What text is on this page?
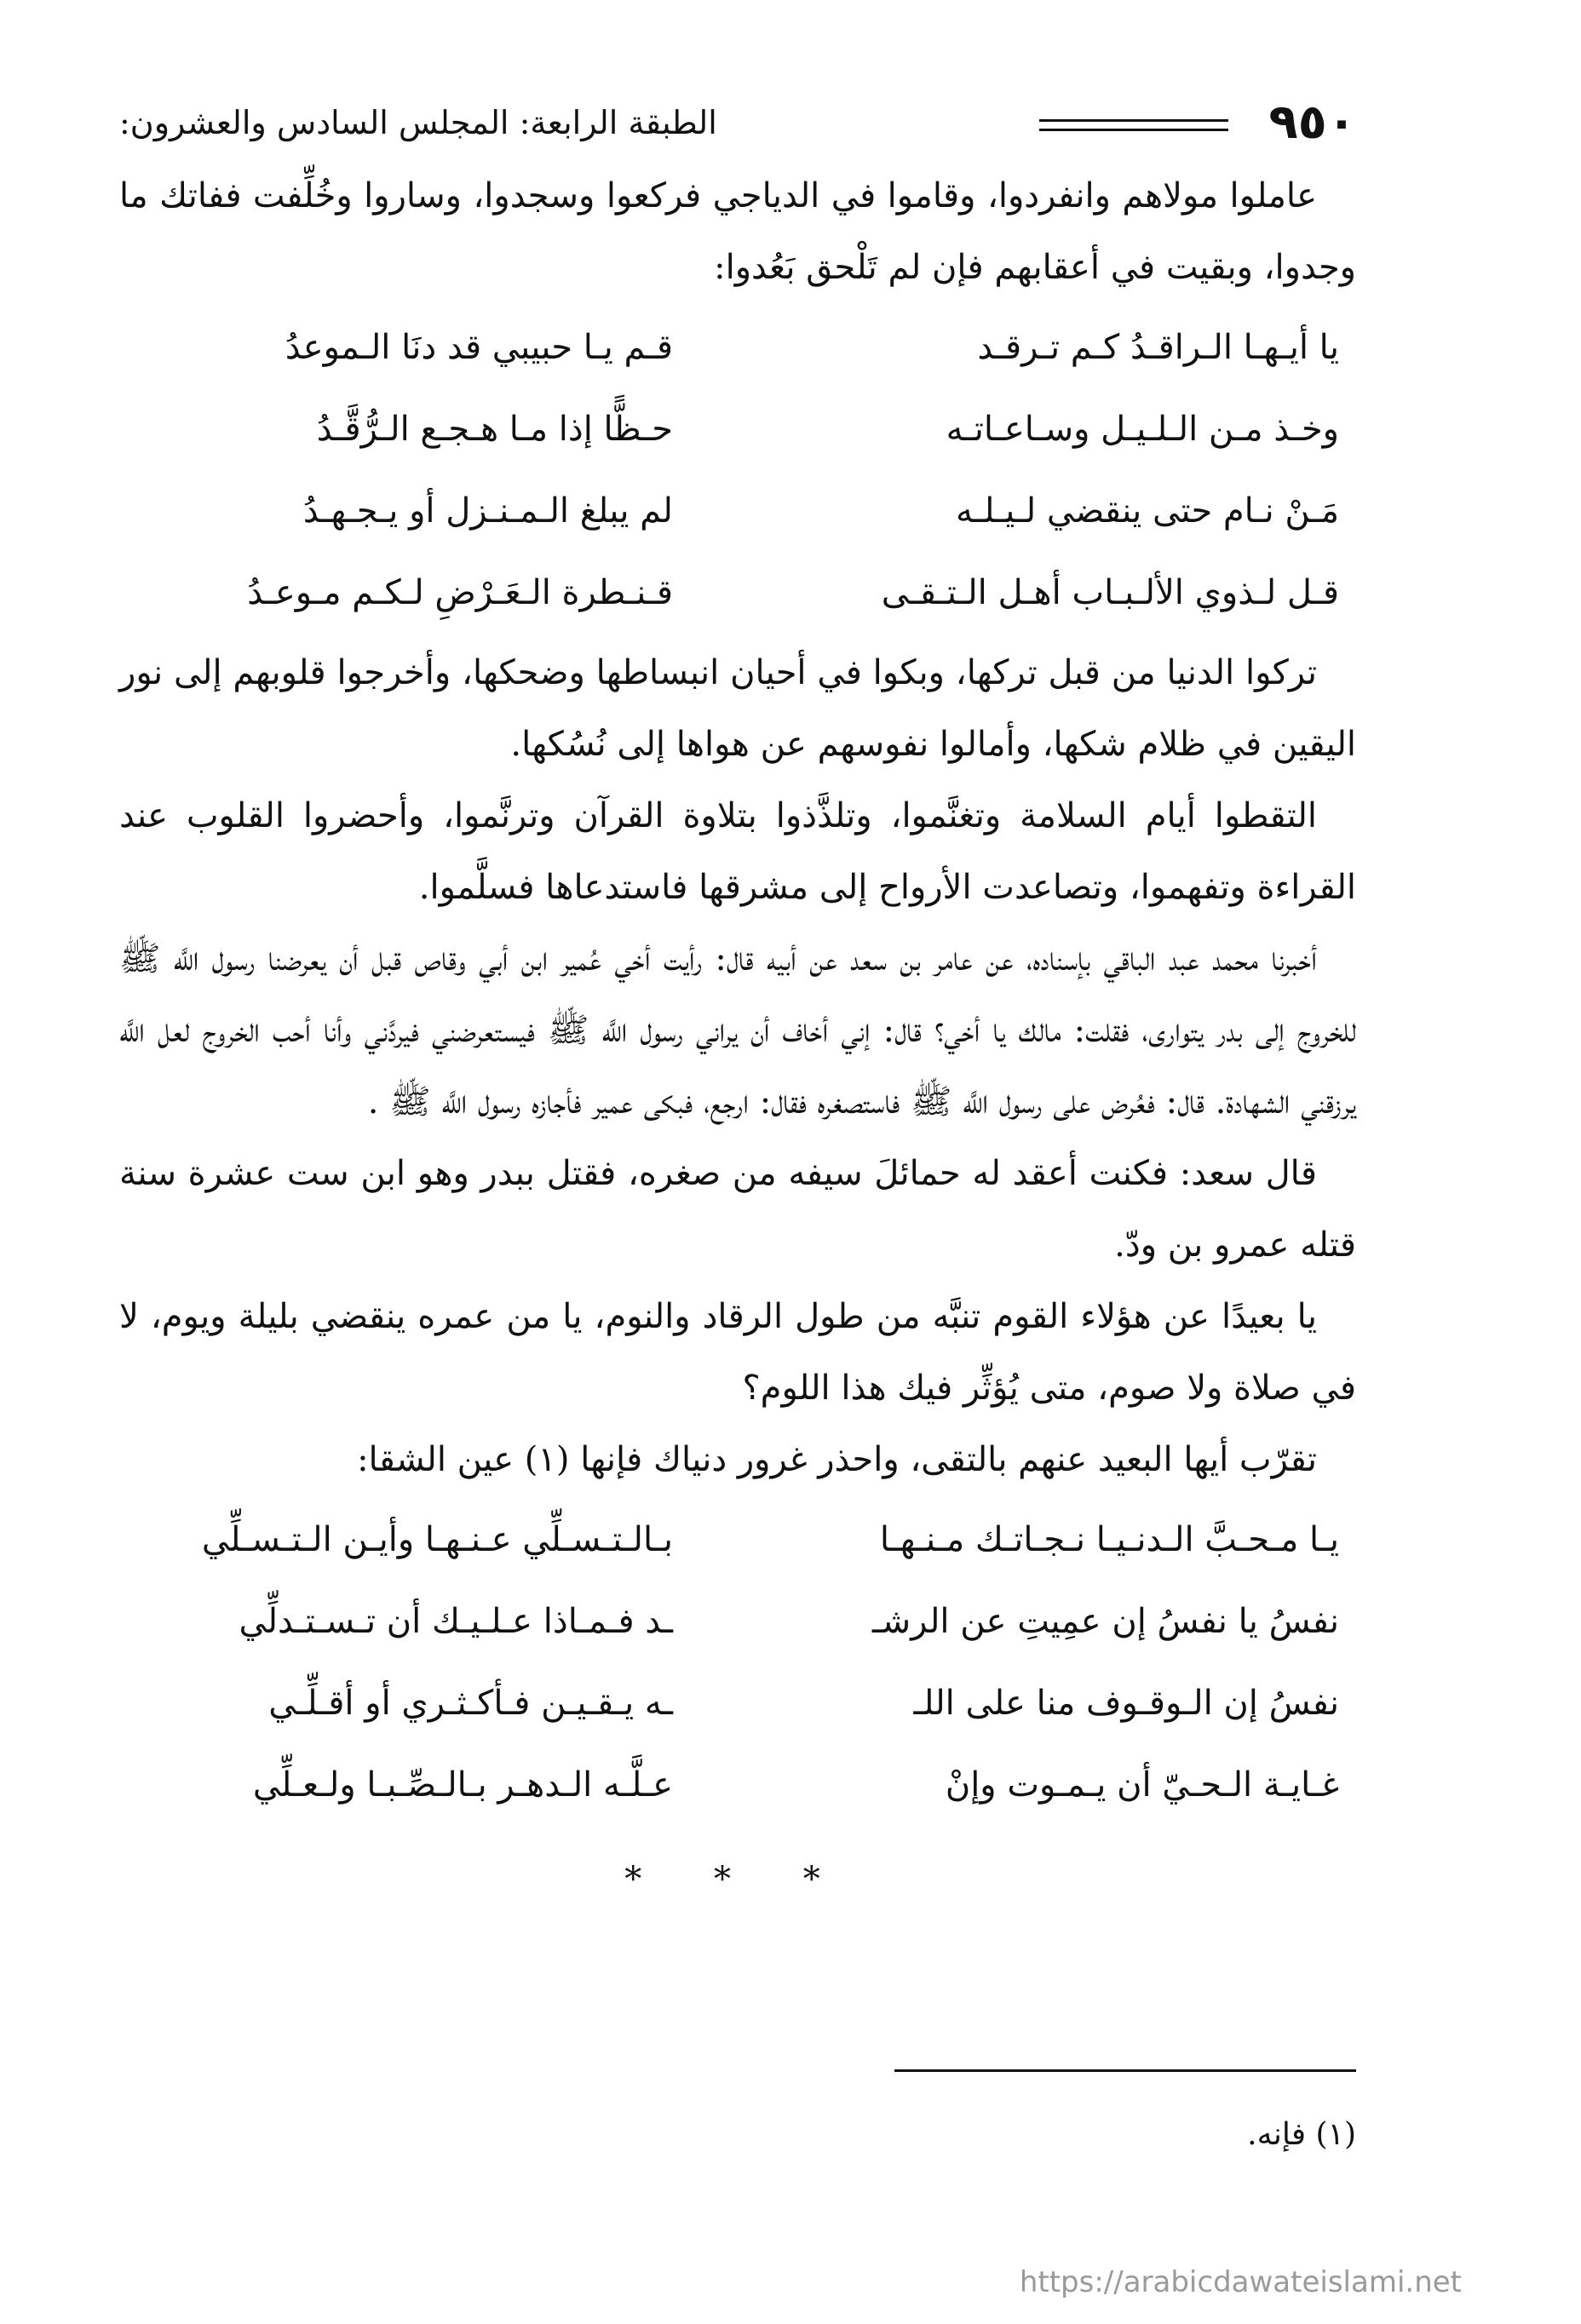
٩٥٠
الطبقة الرابعة: المجلس السادس والعشرون:

عاملوا مولاهم وانفردوا، وقاموا في الدياجي فركعوا وسجدوا، وساروا وخُلِّفت ففاتك ما وجدوا، وبقيت في أعقابهم فإن لم تَلْحق بَعُدوا:

يا أيـهـا الـراقـدُ كـم تـرقـد
قـم يـا حبيبي قد دنَا الـموعدُ
وخـذ مـن الـلـيـل وسـاعـاتـه
حـظًّا إذا مـا هـجـع الـرُّقَّـدُ
مَـنْ نـام حتى ينقضي لـيـلـه
لم يبلغ الـمـنـزل أو يـجـهـدُ
قـل لـذوي الألـبـاب أهـل الـتـقـى
قـنـطرة الـعَـرْضِ لـكـم مـوعـدُ

تركوا الدنيا من قبل تركها، وبكوا في أحيان انبساطها وضحكها، وأخرجوا قلوبهم إلى نور اليقين في ظلام شكها، وأمالوا نفوسهم عن هواها إلى نُسُكها.

التقطوا أيام السلامة وتغنَّموا، وتلذَّذوا بتلاوة القرآن وترنَّموا، وأحضروا القلوب عند القراءة وتفهموا، وتصاعدت الأرواح إلى مشرقها فاستدعاها فسلَّموا.

أخبرنا محمد عبد الباقي بإسناده، عن عامر بن سعد عن أبيه قال: رأيت أخي عُمير ابن أبي وقاص قبل أن يعرضنا رسول اللَّه ﷺ للخروج إلى بدر يتوارى، فقلت: مالك يا أخي؟ قال: إني أخاف أن يراني رسول اللَّه ﷺ فيستعرضني فيردَّني وأنا أحب الخروج لعل اللَّه يرزقني الشهادة. قال: فعُرض على رسول اللَّه ﷺ فاستصغره فقال: ارجع، فبكى عمير فأجازه رسول اللَّه ﷺ .

قال سعد: فكنت أعقد له حمائلَ سيفه من صغره، فقتل ببدر وهو ابن ست عشرة سنة قتله عمرو بن ودّ.

يا بعيدًا عن هؤلاء القوم تنبَّه من طول الرقاد والنوم، يا من عمره ينقضي بليلة ويوم، لا في صلاة ولا صوم، متى يُؤثِّر فيك هذا اللوم؟

تقرّب أيها البعيد عنهم بالتقى، واحذر غرور دنياك فإنها (١) عين الشقا:

يـا مـحـبَّ الـدنـيـا نـجـاتـك مـنـهـا
بـالـتـسـلِّي عـنـهـا وأيـن الـتـسـلِّي
نفسُ يا نفسُ إن عمِيتِ عن الرشـ
ـد فـمـاذا عـلـيـك أن تـسـتـدلِّي
نفسُ إن الـوقـوف منا على اللـ
ـه يـقـيـن فـأكـثـري أو أقـلِّـي
غـايـة الـحـيّ أن يـمـوت وإنْ
عـلَّـه الـدهـر بـالـصِّـبـا ولـعـلِّي
* * *
(١) فإنه.
https://arabicdawateislami.net
